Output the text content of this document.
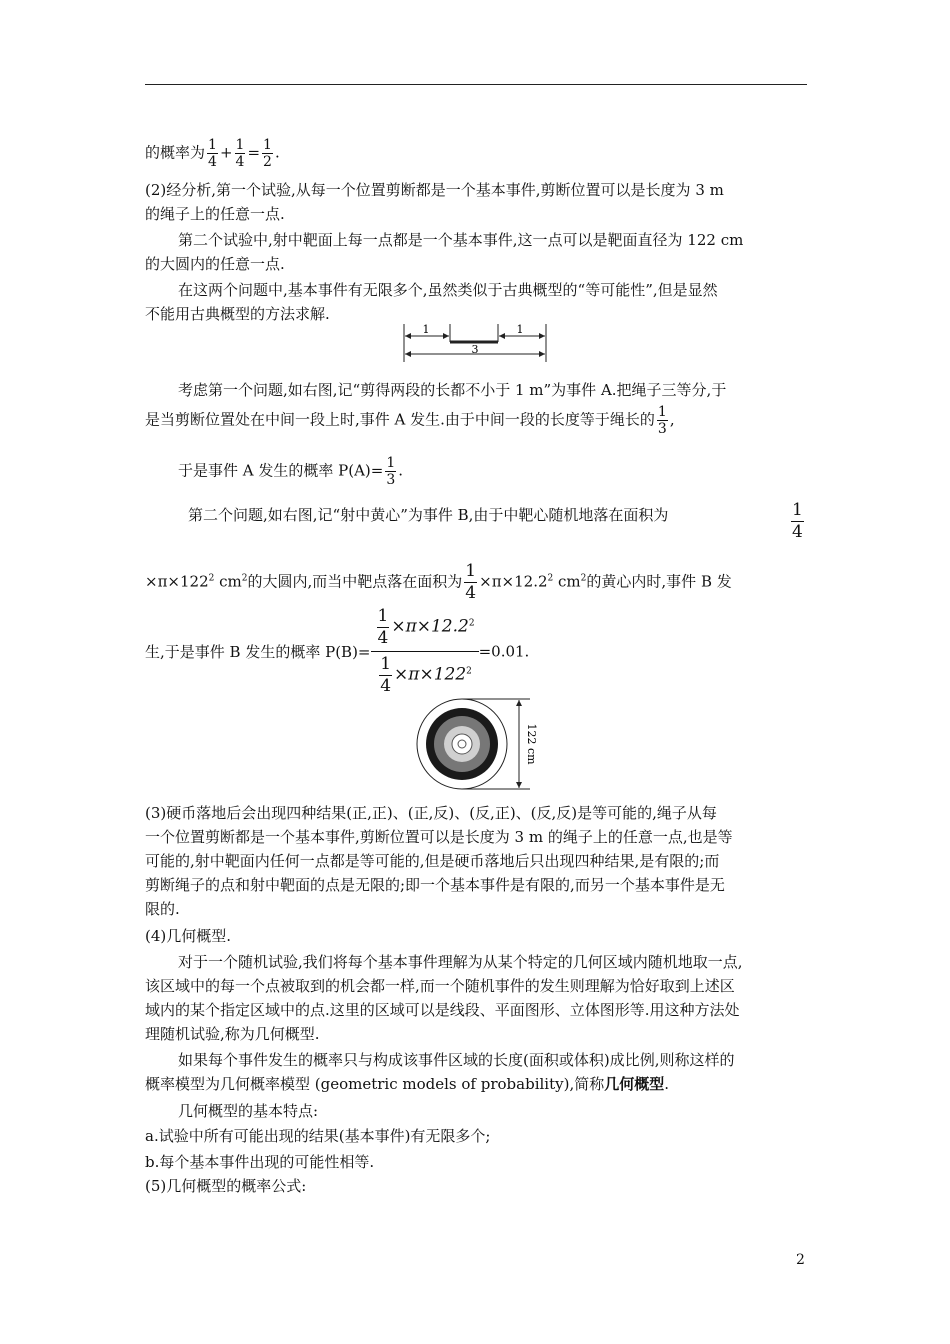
的概率为 $\frac{1}{4} + \frac{1}{4} = \frac{1}{2}$ .
(2)经分析,第一个试验,从每一个位置剪断都是一个基本事件,剪断位置可以是长度为 3 m
的绳子上的任意一点.
第二个试验中,射中靶面上每一点都是一个基本事件,这一点可以是靶面直径为 122 cm
的大圆内的任意一点.
在这两个问题中,基本事件有无限多个,虽然类似于古典概型的“等可能性”,但是显然
不能用古典概型的方法求解.
1	1
3
考虑第一个问题,如右图,记“剪得两段的长都不小于 1 m”为事件 A.把绳子三等分,于
是当剪断位置处在中间一段上时,事件 A 发生.由于中间一段的长度等于绳长的 $\frac{1}{3}$ ,
于是事件 A 发生的概率 $P(A)= \frac{1}{3}$ .
第二个问题,如右图,记“射中黄心”为事件 B,由于中靶心随机地落在面积为	$\frac{1}{4}$
$\times\pi\times 122^2$ $cm^2$的大圆内,而当中靶点落在面积为 $\frac{1}{4} \times\pi\times 12.2^2$ $cm^2$的黄心内时,事件 B 发
生,于是事件 B 发生的概率 $P(B)= \frac{\frac{1}{4} \times\pi\times 12.2^2}{\frac{1}{4} \times\pi\times 122^2} =0.01$.
122 cm
(3)硬币落地后会出现四种结果(正,正)、(正,反)、(反,正)、(反,反)是等可能的,绳子从每
一个位置剪断都是一个基本事件,剪断位置可以是长度为 3 m 的绳子上的任意一点,也是等
可能的,射中靶面内任何一点都是等可能的,但是硬币落地后只出现四种结果,是有限的;而
剪断绳子的点和射中靶面的点是无限的;即一个基本事件是有限的,而另一个基本事件是无
限的.
(4)几何概型.
对于一个随机试验,我们将每个基本事件理解为从某个特定的几何区域内随机地取一点,
该区域中的每一个点被取到的机会都一样,而一个随机事件的发生则理解为恰好取到上述区
域内的某个指定区域中的点.这里的区域可以是线段、平面图形、立体图形等.用这种方法处
理随机试验,称为几何概型.
如果每个事件发生的概率只与构成该事件区域的长度(面积或体积)成比例,则称这样的
概率模型为几何概率模型 (geometric models of probability),简称几何概型.
几何概型的基本特点:
a.试验中所有可能出现的结果(基本事件)有无限多个;
b.每个基本事件出现的可能性相等.
(5)几何概型的概率公式:
2
